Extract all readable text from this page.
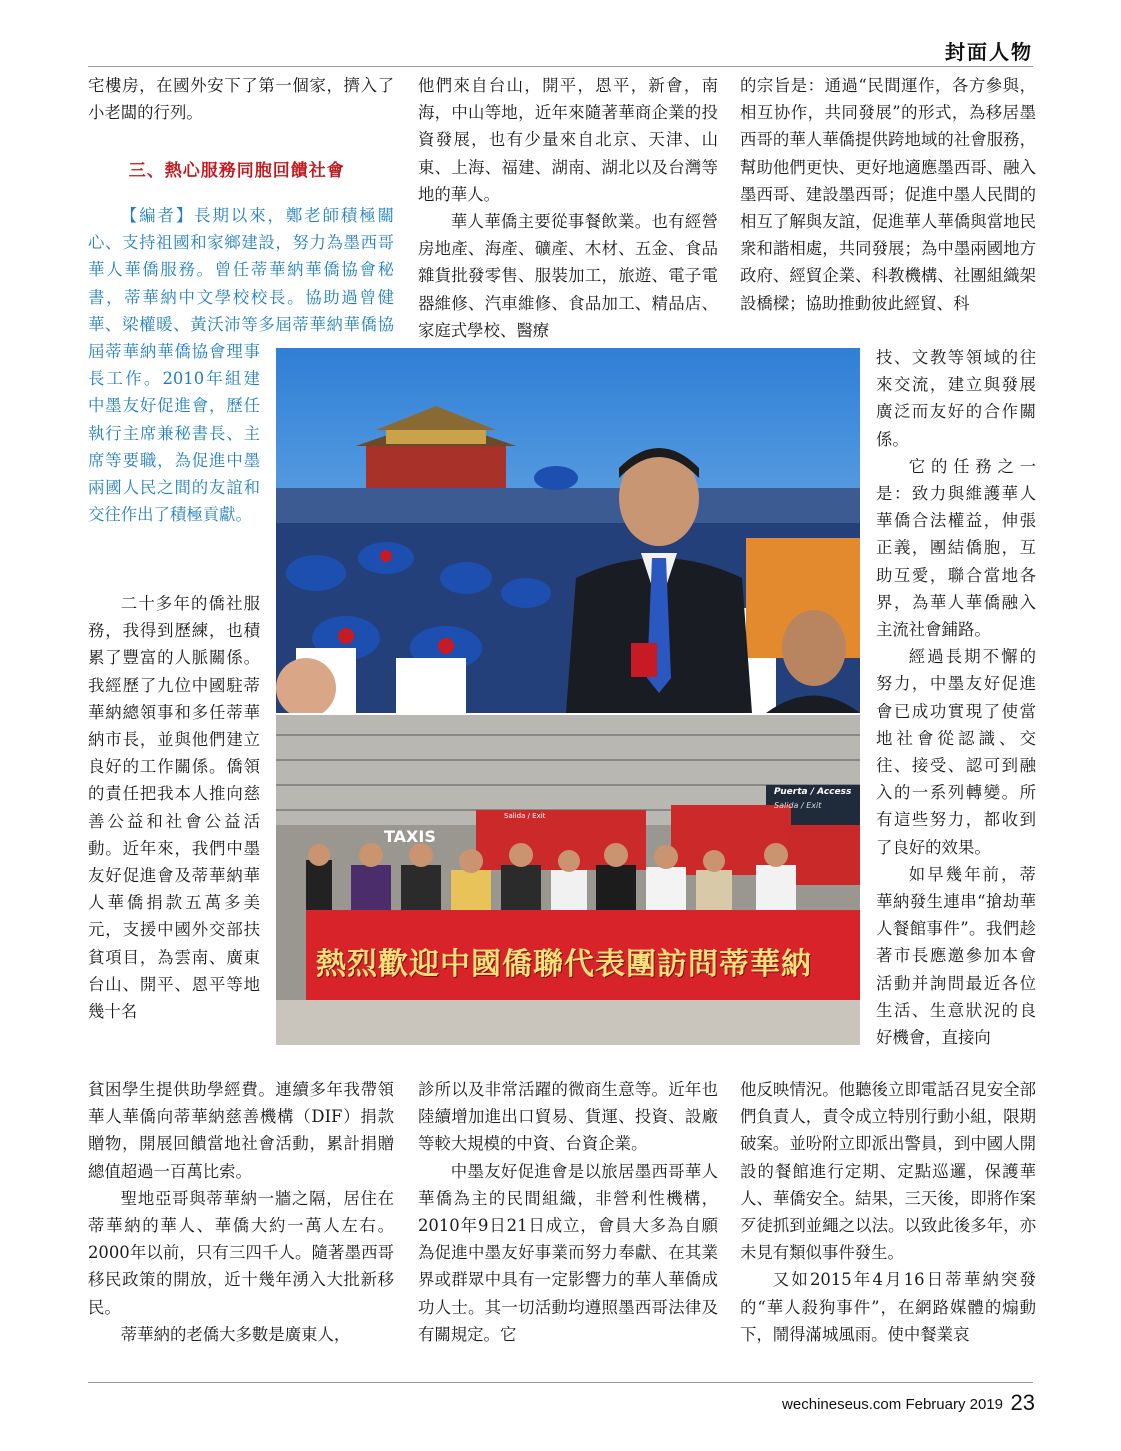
封面人物

宅樓房，在國外安下了第一個家，擠入了小老闆的行列。

三、熱心服務同胞回饋社會

【編者】長期以來，鄭老師積極關心、支持祖國和家鄉建設，努力為墨西哥華人華僑服務。曾任蒂華納華僑協會秘書，蒂華納中文學校校長。協助過曾健華、梁權暖、黃沃沛等多屆蒂華納華僑協

屆蒂華納華僑協會理事長工作。2010年組建中墨友好促進會，歷任執行主席兼秘書長、主席等要職，為促進中墨兩國人民之間的友誼和交往作出了積極貢獻。

二十多年的僑社服務，我得到歷練，也積累了豐富的人脈關係。我經歷了九位中國駐蒂華納總領事和多任蒂華納市長，並與他們建立良好的工作關係。僑領的責任把我本人推向慈善公益和社會公益活動。近年來，我們中墨友好促進會及蒂華納華人華僑捐款五萬多美元，支援中國外交部扶貧項目，為雲南、廣東台山、開平、恩平等地幾十名

貧困學生提供助學經費。連續多年我帶領華人華僑向蒂華納慈善機構（DIF）捐款贈物，開展回饋當地社會活動，累計捐贈總值超過一百萬比索。

聖地亞哥與蒂華納一牆之隔，居住在蒂華納的華人、華僑大約一萬人左右。2000年以前，只有三四千人。隨著墨西哥移民政策的開放，近十幾年湧入大批新移民。

蒂華納的老僑大多數是廣東人，

他們來自台山，開平，恩平，新會，南海，中山等地，近年來隨著華商企業的投資發展，也有少量來自北京、天津、山東、上海、福建、湖南、湖北以及台灣等地的華人。

華人華僑主要從事餐飲業。也有經營房地產、海產、礦產、木材、五金、食品雜貨批發零售、服裝加工，旅遊、電子電器維修、汽車維修、食品加工、精品店、家庭式學校、醫療

診所以及非常活躍的微商生意等。近年也陸續增加進出口貿易、貨運、投資、設廠等較大規模的中資、台資企業。

中墨友好促進會是以旅居墨西哥華人華僑為主的民間組織，非營利性機構，2010年9日21日成立，會員大多為自願為促進中墨友好事業而努力奉獻、在其業界或群眾中具有一定影響力的華人華僑成功人士。其一切活動均遵照墨西哥法律及有關規定。它

的宗旨是：通過“民間運作，各方參與，相互协作，共同發展”的形式，為移居墨西哥的華人華僑提供跨地域的社會服務，幫助他們更快、更好地適應墨西哥、融入墨西哥、建設墨西哥；促進中墨人民間的相互了解與友誼，促進華人華僑與當地民衆和諧相處，共同發展；為中墨兩國地方政府、經貿企業、科教機構、社團組織架設橋樑；協助推動彼此經貿、科

技、文教等領域的往來交流，建立與發展廣泛而友好的合作關係。

它的任務之一是：致力與維護華人華僑合法權益，伸張正義，團結僑胞，互助互愛，聯合當地各界，為華人華僑融入主流社會鋪路。

經過長期不懈的努力，中墨友好促進會已成功實現了使當地社會從認識、交往、接受、認可到融入的一系列轉變。所有這些努力，都收到了良好的效果。

如早幾年前，蒂華納發生連串“搶劫華人餐館事件”。我們趁著市長應邀參加本會活動并詢問最近各位生活、生意狀況的良好機會，直接向

他反映情況。他聽後立即電話召見安全部們負責人，責令成立特別行動小組，限期破案。並吩附立即派出警員，到中國人開設的餐館進行定期、定點巡邏，保護華人、華僑安全。結果，三天後，即將作案歹徒抓到並繩之以法。以致此後多年，亦未見有類似事件發生。

又如2015年4月16日蒂華納突發的“華人殺狗事件”，在網路媒體的煽動下，鬧得滿城風雨。使中餐業哀

TAXIS
Puerta / Access
Salida / Exit
Salida / Exit
熱烈歡迎中國僑聯代表團訪問蒂華納
wechineseus.com February 2019 23
